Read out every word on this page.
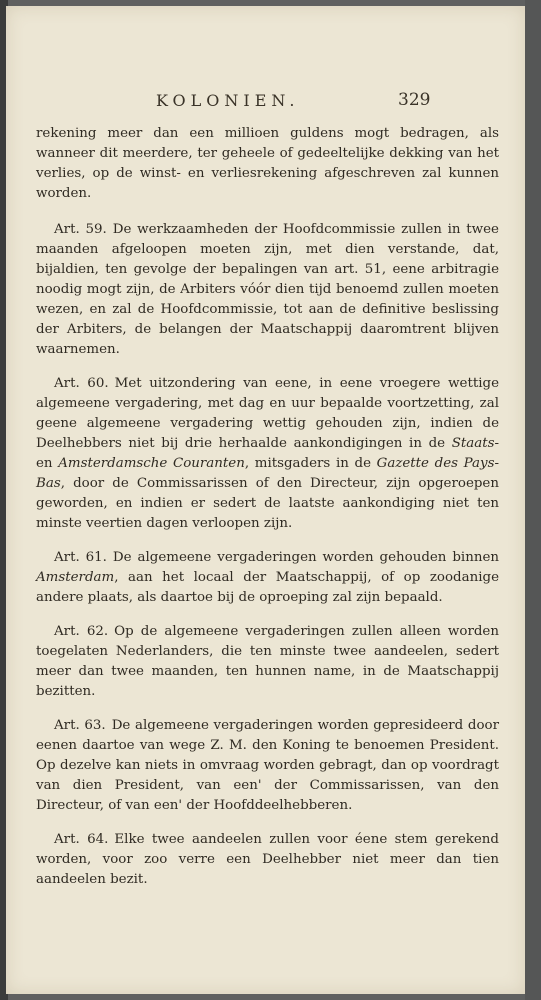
KOLONIEN.	329

rekening meer dan een millioen guldens mogt bedragen, als wanneer dit meerdere, ter geheele of gedeeltelijke dekking van het verlies, op de winst- en verliesrekening afgeschreven zal kunnen worden.

Art. 59. De werkzaamheden der Hoofdcommissie zullen in twee maanden afgeloopen moeten zijn, met dien verstande, dat, bijaldien, ten gevolge der bepalingen van art. 51, eene arbitragie noodig mogt zijn, de Arbiters vóór dien tijd benoemd zullen moeten wezen, en zal de Hoofdcommissie, tot aan de definitive beslissing der Arbiters, de belangen der Maatschappij daaromtrent blijven waarnemen.

Art. 60. Met uitzondering van eene, in eene vroegere wettige algemeene vergadering, met dag en uur bepaalde voortzetting, zal geene algemeene vergadering wettig gehouden zijn, indien de Deelhebbers niet bij drie herhaalde aankondigingen in de Staats- en Amsterdamsche Couranten, mitsgaders in de Gazette des Pays-Bas, door de Commissarissen of den Directeur, zijn opgeroepen geworden, en indien er sedert de laatste aankondiging niet ten minste veertien dagen verloopen zijn.

Art. 61. De algemeene vergaderingen worden gehouden binnen Amsterdam, aan het locaal der Maatschappij, of op zoodanige andere plaats, als daartoe bij de oproeping zal zijn bepaald.

Art. 62. Op de algemeene vergaderingen zullen alleen worden toegelaten Nederlanders, die ten minste twee aandeelen, sedert meer dan twee maanden, ten hunnen name, in de Maatschappij bezitten.

Art. 63. De algemeene vergaderingen worden gepresideerd door eenen daartoe van wege Z. M. den Koning te benoemen President. Op dezelve kan niets in omvraag worden gebragt, dan op voordragt van dien President, van een' der Commissarissen, van den Directeur, of van een' der Hoofddeelhebberen.

Art. 64. Elke twee aandeelen zullen voor éene stem gerekend worden, voor zoo verre een Deelhebber niet meer dan tien aandeelen bezit.
